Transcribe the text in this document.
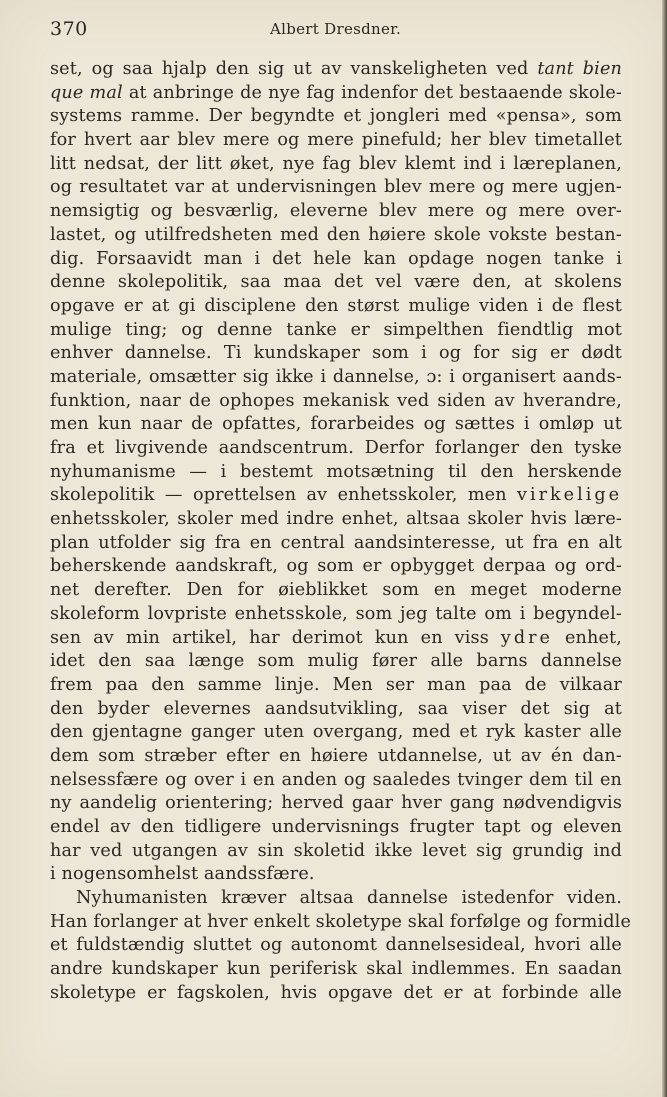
370	Albert Dresdner.
set, og saa hjalp den sig ut av vanskeligheten ved tant bien
que mal at anbringe de nye fag indenfor det bestaaende skole-
systems ramme. Der begyndte et jongleri med «pensa», som
for hvert aar blev mere og mere pinefuld; her blev timetallet
litt nedsat, der litt øket, nye fag blev klemt ind i læreplanen,
og resultatet var at undervisningen blev mere og mere ugjen-
nemsigtig og besværlig, eleverne blev mere og mere over-
lastet, og utilfredsheten med den høiere skole vokste bestan-
dig. Forsaavidt man i det hele kan opdage nogen tanke i
denne skolepolitik, saa maa det vel være den, at skolens
opgave er at gi disciplene den størst mulige viden i de flest
mulige ting; og denne tanke er simpelthen fiendtlig mot
enhver dannelse. Ti kundskaper som i og for sig er dødt
materiale, omsætter sig ikke i dannelse, ɔ: i organisert aands-
funktion, naar de ophopes mekanisk ved siden av hverandre,
men kun naar de opfattes, forarbeides og sættes i omløp ut
fra et livgivende aandscentrum. Derfor forlanger den tyske
nyhumanisme — i bestemt motsætning til den herskende
skolepolitik — oprettelsen av enhetsskoler, men virkelige
enhetsskoler, skoler med indre enhet, altsaa skoler hvis lære-
plan utfolder sig fra en central aandsinteresse, ut fra en alt
beherskende aandskraft, og som er opbygget derpaa og ord-
net derefter. Den for øieblikket som en meget moderne
skoleform lovpriste enhetsskole, som jeg talte om i begyndel-
sen av min artikel, har derimot kun en viss ydre enhet,
idet den saa længe som mulig fører alle barns dannelse
frem paa den samme linje. Men ser man paa de vilkaar
den byder elevernes aandsutvikling, saa viser det sig at
den gjentagne ganger uten overgang, med et ryk kaster alle
dem som stræber efter en høiere utdannelse, ut av én dan-
nelsessfære og over i en anden og saaledes tvinger dem til en
ny aandelig orientering; herved gaar hver gang nødvendigvis
endel av den tidligere undervisnings frugter tapt og eleven
har ved utgangen av sin skoletid ikke levet sig grundig ind
i nogensomhelst aandssfære.
Nyhumanisten kræver altsaa dannelse istedenfor viden.
Han forlanger at hver enkelt skoletype skal forfølge og formidle
et fuldstændig sluttet og autonomt dannelsesideal, hvori alle
andre kundskaper kun periferisk skal indlemmes. En saadan
skoletype er fagskolen, hvis opgave det er at forbinde alle
